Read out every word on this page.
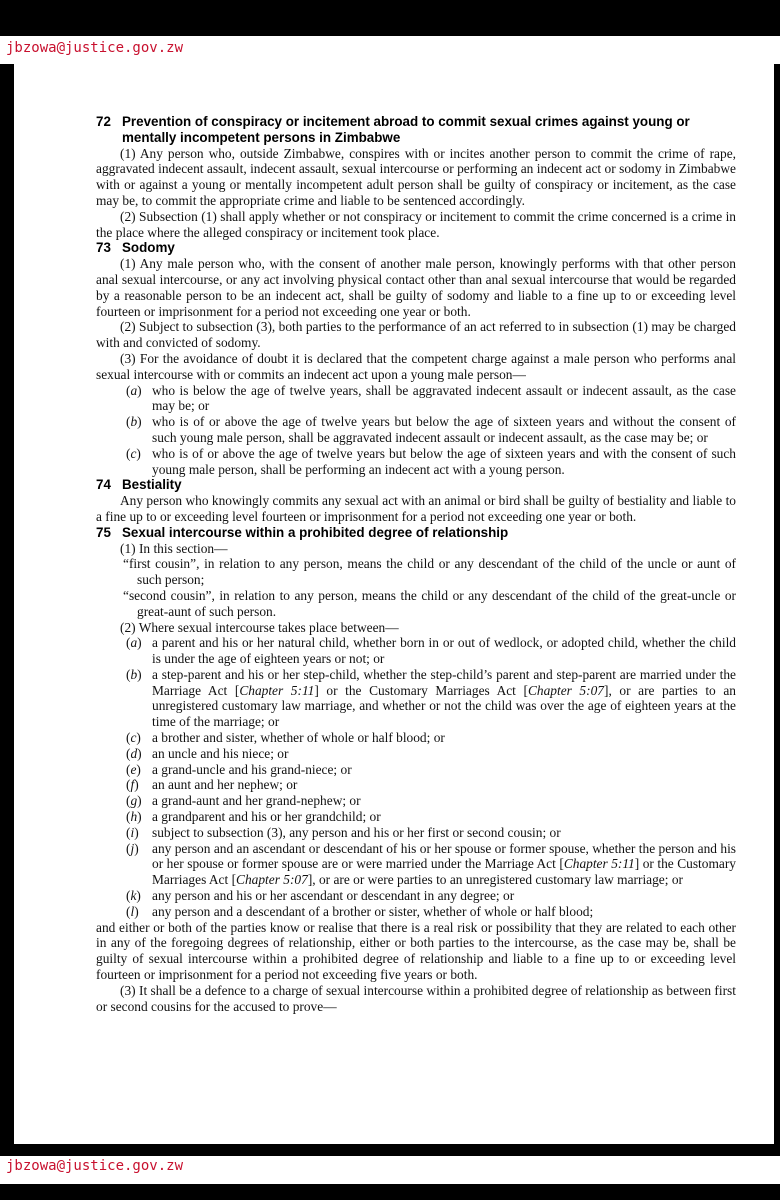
jbzowa@justice.gov.zw
72 Prevention of conspiracy or incitement abroad to commit sexual crimes against young or
mentally incompetent persons in Zimbabwe

(1) Any person who, outside Zimbabwe, conspires with or incites another person to commit the crime of rape, aggravated indecent assault, indecent assault, sexual intercourse or performing an indecent act or sodomy in Zimbabwe with or against a young or mentally incompetent adult person shall be guilty of conspiracy or incitement, as the case may be, to commit the appropriate crime and liable to be sentenced accordingly.

(2) Subsection (1) shall apply whether or not conspiracy or incitement to commit the crime concerned is a crime in the place where the alleged conspiracy or incitement took place.

73 Sodomy

(1) Any male person who, with the consent of another male person, knowingly performs with that other person anal sexual intercourse, or any act involving physical contact other than anal sexual intercourse that would be regarded by a reasonable person to be an indecent act, shall be guilty of sodomy and liable to a fine up to or exceeding level fourteen or imprisonment for a period not exceeding one year or both.

(2) Subject to subsection (3), both parties to the performance of an act referred to in subsection (1) may be charged with and convicted of sodomy.

(3) For the avoidance of doubt it is declared that the competent charge against a male person who performs anal sexual intercourse with or commits an indecent act upon a young male person—

( a )	who is below the age of twelve years, shall be aggravated indecent assault or indecent assault, as the case may be; or
( b )	who is of or above the age of twelve years but below the age of sixteen years and without the consent of such young male person, shall be aggravated indecent assault or indecent assault, as the case may be; or
( c )	who is of or above the age of twelve years but below the age of sixteen years and with the consent of such young male person, shall be performing an indecent act with a young person.
74 Bestiality

Any person who knowingly commits any sexual act with an animal or bird shall be guilty of bestiality and liable to a fine up to or exceeding level fourteen or imprisonment for a period not exceeding one year or both.

75 Sexual intercourse within a prohibited degree of relationship

(1) In this section—

“first cousin”, in relation to any person, means the child or any descendant of the child of the uncle or aunt of such person;

“second cousin”, in relation to any person, means the child or any descendant of the child of the great-uncle or great-aunt of such person.

(2) Where sexual intercourse takes place between—

( a )	a parent and his or her natural child, whether born in or out of wedlock, or adopted child, whether the child is under the age of eighteen years or not; or
( b )	a step-parent and his or her step-child, whether the step-child’s parent and step-parent are married under the Marriage Act [Chapter 5:11] or the Customary Marriages Act [Chapter 5:07], or are parties to an unregistered customary law marriage, and whether or not the child was over the age of eighteen years at the time of the marriage; or
( c )	a brother and sister, whether of whole or half blood; or
( d )	an uncle and his niece; or
( e )	a grand-uncle and his grand-niece; or
( f )	an aunt and her nephew; or
( g )	a grand-aunt and her grand-nephew; or
( h )	a grandparent and his or her grandchild; or
( i )	subject to subsection (3), any person and his or her first or second cousin; or
( j )	any person and an ascendant or descendant of his or her spouse or former spouse, whether the person and his or her spouse or former spouse are or were married under the Marriage Act [Chapter 5:11] or the Customary Marriages Act [Chapter 5:07], or are or were parties to an unregistered customary law marriage; or
( k )	any person and his or her ascendant or descendant in any degree; or
( l )	any person and a descendant of a brother or sister, whether of whole or half blood;

and either or both of the parties know or realise that there is a real risk or possibility that they are related to each other in any of the foregoing degrees of relationship, either or both parties to the intercourse, as the case may be, shall be guilty of sexual intercourse within a prohibited degree of relationship and liable to a fine up to or exceeding level fourteen or imprisonment for a period not exceeding five years or both.

(3) It shall be a defence to a charge of sexual intercourse within a prohibited degree of relationship as between first or second cousins for the accused to prove—

jbzowa@justice.gov.zw
